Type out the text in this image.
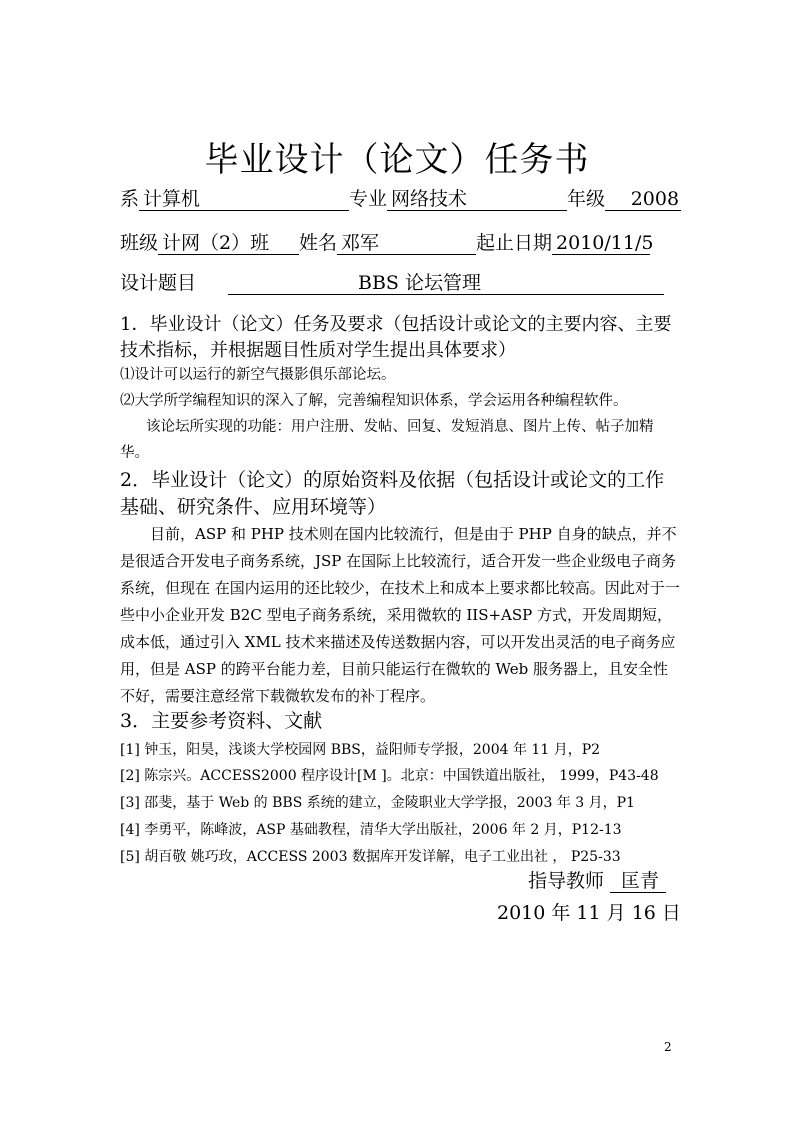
毕业设计（论文）任务书
系 计算机	专业 网络技术	年级 2008
班级 计网（2）班 姓名 邓军	起止日期 2010/11/5
设计题目	BBS 论坛管理
1．毕业设计（论文）任务及要求（包括设计或论文的主要内容、主要技术指标，并根据题目性质对学生提出具体要求）
⑴设计可以运行的新空气摄影俱乐部论坛。
⑵大学所学编程知识的深入了解，完善编程知识体系，学会运用各种编程软件。
该论坛所实现的功能：用户注册、发帖、回复、发短消息、图片上传、帖子加精华。
2．毕业设计（论文）的原始资料及依据（包括设计或论文的工作基础、研究条件、应用环境等）
目前，ASP 和 PHP 技术则在国内比较流行，但是由于 PHP 自身的缺点，并不是很适合开发电子商务系统，JSP 在国际上比较流行，适合开发一些企业级电子商务系统，但现在 在国内运用的还比较少，在技术上和成本上要求都比较高。因此对于一些中小企业开发 B2C 型电子商务系统，采用微软的 IIS+ASP 方式，开发周期短，成本低，通过引入 XML 技术来描述及传送数据内容，可以开发出灵活的电子商务应用，但是 ASP 的跨平台能力差，目前只能运行在微软的 Web 服务器上，且安全性不好，需要注意经常下载微软发布的补丁程序。
3．主要参考资料、文献
[1] 钟玉，阳昊，浅谈大学校园网 BBS，益阳师专学报，2004 年 11 月，P2
[2] 陈宗兴。ACCESS2000 程序设计[M ]。北京：中国铁道出版社， 1999，P43-48
[3] 邵斐，基于 Web 的 BBS 系统的建立，金陵职业大学学报，2003 年 3 月，P1
[4] 李勇平，陈峰波，ASP 基础教程，清华大学出版社，2006 年 2 月，P12-13
[5] 胡百敬 姚巧玫，ACCESS 2003 数据库开发详解，电子工业出社 ， P25-33
指导教师 匡青
2010 年 11 月 16 日
2
